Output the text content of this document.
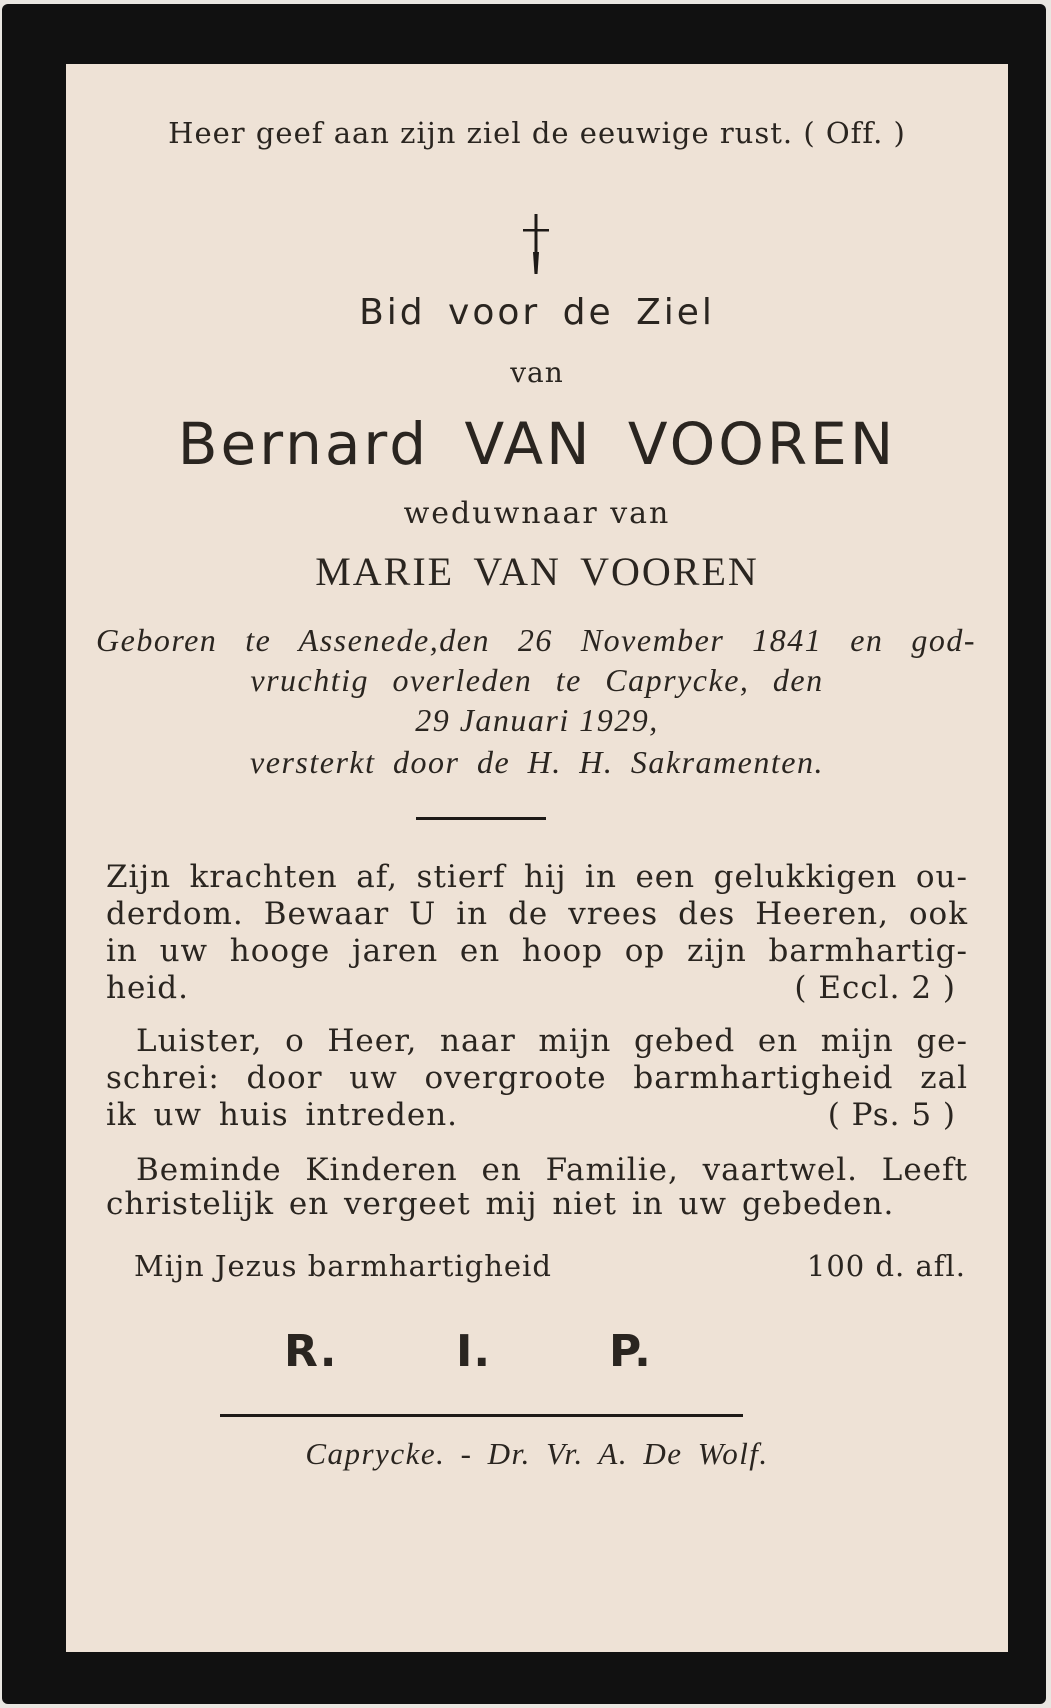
Heer geef aan zijn ziel de eeuwige rust. ( Off. )
Bid voor de Ziel
van
Bernard VAN VOOREN
weduwnaar van
MARIE VAN VOOREN
Geboren te Assenede,den 26 November 1841 en god-
vruchtig overleden te Caprycke, den
29 Januari 1929,
versterkt door de H. H. Sakramenten.
Zijn krachten af, stierf hij in een gelukkigen ou-
derdom. Bewaar U in de vrees des Heeren, ook
in uw hooge jaren en hoop op zijn barmhartig-
heid.	( Eccl. 2 )
Luister, o Heer, naar mijn gebed en mijn ge-
schrei: door uw overgroote barmhartigheid zal
ik uw huis intreden.	( Ps. 5 )
Beminde Kinderen en Familie, vaartwel. Leeft
christelijk en vergeet mij niet in uw gebeden.
Mijn Jezus barmhartigheid	100 d. afl.
R.	I.	P.
Caprycke. - Dr. Vr. A. De Wolf.
